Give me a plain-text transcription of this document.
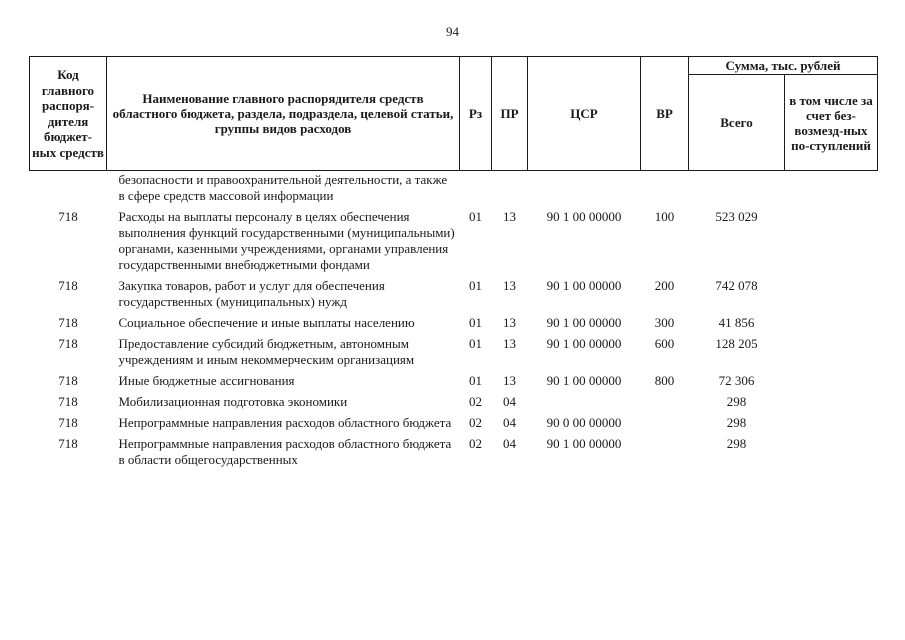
94
Код главного распоря-дителя бюджет-ных средств	Наименование главного распорядителя средств областного бюджета, раздела, подраздела, целевой статьи, группы видов расходов	Рз	ПР	ЦСР	ВР	Сумма, тыс. рублей	
						Всего	в том числе за счет без-возмезд-ных по-ступлений
	безопасности и правоохранительной деятельности, а также в сфере средств массовой информации						
718	Расходы на выплаты персоналу в целях обеспечения выполнения функций государственными (муниципальными) органами, казенными учреждениями, органами управления государственными внебюджетными фондами	01	13	90 1 00 00000	100	523 029	
718	Закупка товаров, работ и услуг для обеспечения государственных (муниципальных) нужд	01	13	90 1 00 00000	200	742 078	
718	Социальное обеспечение и иные выплаты населению	01	13	90 1 00 00000	300	41 856	
718	Предоставление субсидий бюджетным, автономным учреждениям и иным некоммерческим организациям	01	13	90 1 00 00000	600	128 205	
718	Иные бюджетные ассигнования	01	13	90 1 00 00000	800	72 306	
718	Мобилизационная подготовка экономики	02	04			298	
718	Непрограммные направления расходов областного бюджета	02	04	90 0 00 00000		298	
718	Непрограммные направления расходов областного бюджета в области общегосударственных	02	04	90 1 00 00000		298	
